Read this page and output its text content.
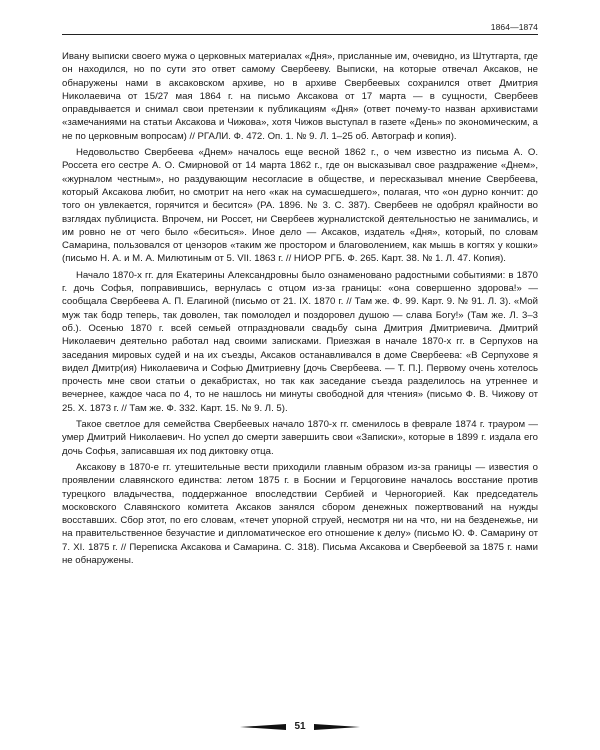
1864—1874

Ивану выписки своего мужа о церковных материалах «Дня», присланные им, очевидно, из Штутгарта, где он находился, но по сути это ответ самому Свербееву. Выписки, на которые отвечал Аксаков, не обнаружены нами в аксаковском архиве, но в архиве Свербеевых сохранился ответ Дмитрия Николаевича от 15/27 мая 1864 г. на письмо Аксакова от 17 марта — в сущности, Свербеев оправдывается и снимал свои претензии к публикациям «Дня» (ответ почему-то назван архивистами «замечаниями на статьи Аксакова и Чижова», хотя Чижов выступал в газете «День» по экономическим, а не по церковным вопросам) // РГАЛИ. Ф. 472. Оп. 1. № 9. Л. 1–25 об. Автограф и копия).

Недовольство Свербеева «Днем» началось еще весной 1862 г., о чем известно из письма А. О. Россета его сестре А. О. Смирновой от 14 марта 1862 г., где он высказывал свое раздражение «Днем», «журналом честным», но раздувающим несогласие в обществе, и пересказывал мнение Свербеева, который Аксакова любит, но смотрит на него «как на сумасшедшего», полагая, что «он дурно кончит: до того он увлекается, горячится и бесится» (РА. 1896. № 3. С. 387). Свербеев не одобрял крайности во взглядах публициста. Впрочем, ни Россет, ни Свербеев журналистской деятельностью не занимались, и им ровно не от чего было «беситься». Иное дело — Аксаков, издатель «Дня», который, по словам Самарина, пользовался от цензоров «таким же простором и благоволением, как мышь в когтях у кошки» (письмо Н. А. и М. А. Милютиным от 5. VII. 1863 г. // НИОР РГБ. Ф. 265. Карт. 38. № 1. Л. 47. Копия).

Начало 1870-х гг. для Екатерины Александровны было ознаменовано радостными событиями: в 1870 г. дочь Софья, поправившись, вернулась с отцом из-за границы: «она совершенно здорова!» — сообщала Свербеева А. П. Елагиной (письмо от 21. IX. 1870 г. // Там же. Ф. 99. Карт. 9. № 91. Л. 3). «Мой муж так бодр теперь, так доволен, так помолодел и поздоровел душою — слава Богу!» (Там же. Л. 3–3 об.). Осенью 1870 г. всей семьей отпраздновали свадьбу сына Дмитрия Дмитриевича. Дмитрий Николаевич деятельно работал над своими записками. Приезжая в начале 1870-х гг. в Серпухов на заседания мировых судей и на их съезды, Аксаков останавливался в доме Свербеева: «В Серпухове я видел Дмитр(ия) Николаевича и Софью Дмитриевну [дочь Свербеева. — Т. П.]. Первому очень хотелось прочесть мне свои статьи о декабристах, но так как заседание съезда разделилось на утреннее и вечернее, каждое часа по 4, то не нашлось ни минуты свободной для чтения» (письмо Ф. В. Чижову от 25. X. 1873 г. // Там же. Ф. 332. Карт. 15. № 9. Л. 5).

Такое светлое для семейства Свербеевых начало 1870-х гг. сменилось в феврале 1874 г. трауром — умер Дмитрий Николаевич. Но успел до смерти завершить свои «Записки», которые в 1899 г. издала его дочь Софья, записавшая их под диктовку отца.

Аксакову в 1870-е гг. утешительные вести приходили главным образом из-за границы — известия о проявлении славянского единства: летом 1875 г. в Боснии и Герцоговине началось восстание против турецкого владычества, поддержанное впоследствии Сербией и Черногорией. Как председатель московского Славянского комитета Аксаков занялся сбором денежных пожертвований на нужды восставших. Сбор этот, по его словам, «течет упорной струей, несмотря ни на что, ни на безденежье, ни на правительственное безучастие и дипломатическое его отношение к делу» (письмо Ю. Ф. Самарину от 7. XI. 1875 г. // Переписка Аксакова и Самарина. С. 318). Письма Аксакова и Свербеевой за 1875 г. нами не обнаружены.

51
